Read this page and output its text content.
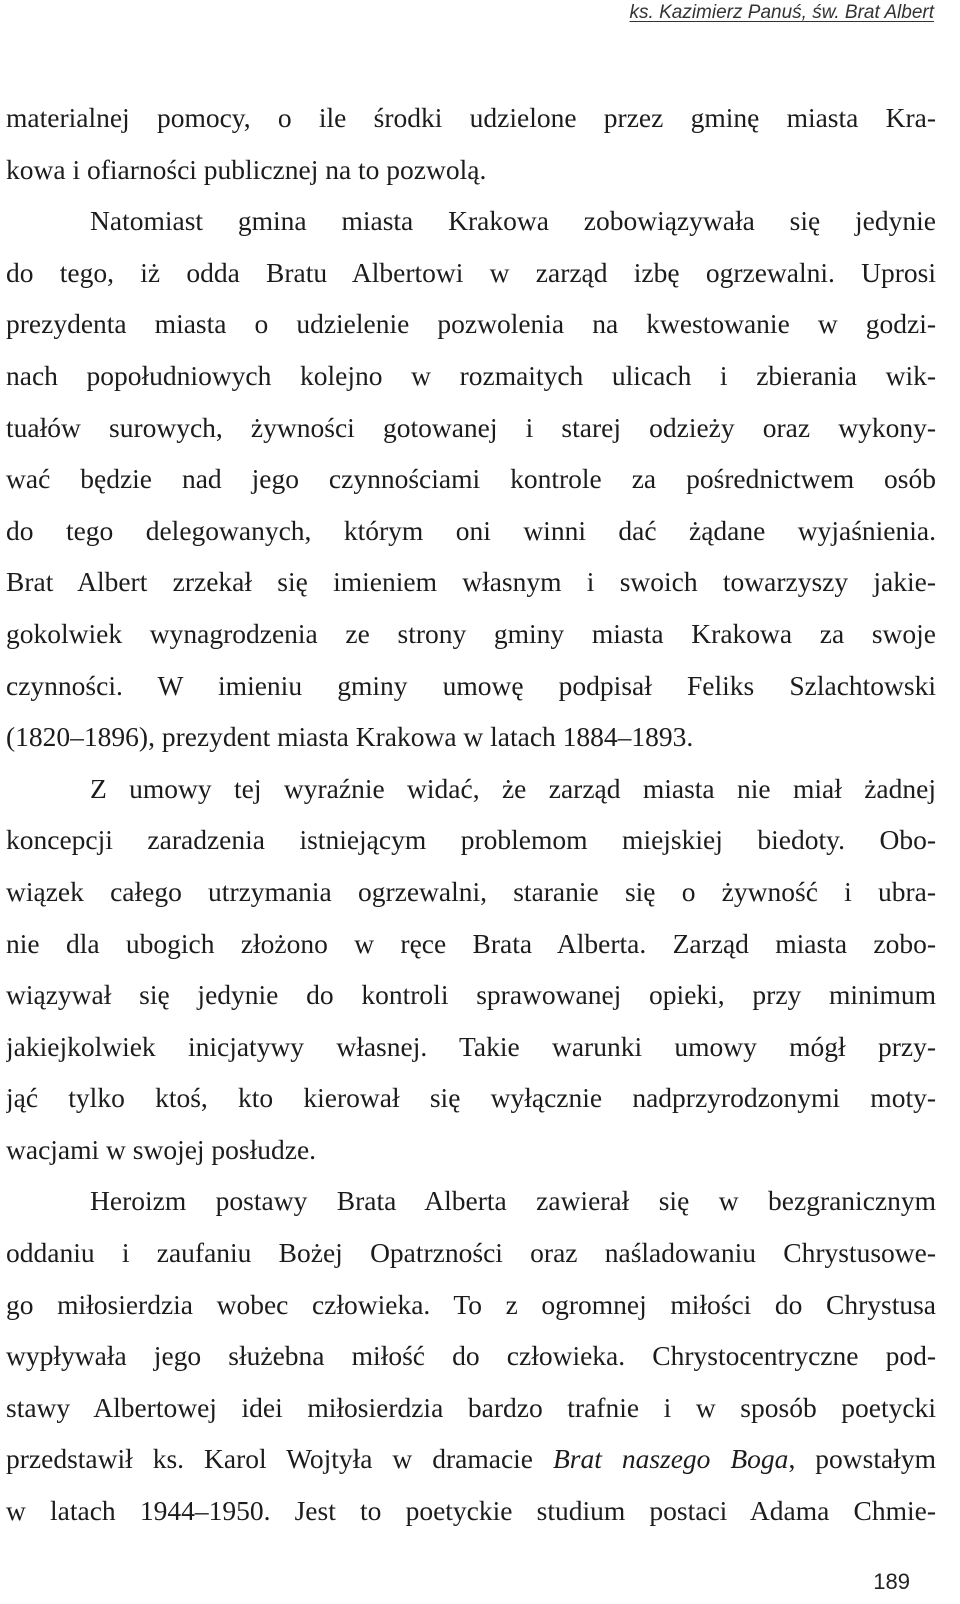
ks. Kazimierz Panuś, św. Brat Albert
materialnej pomocy, o ile środki udzielone przez gminę miasta Kra-
kowa i ofiarności publicznej na to pozwolą.
Natomiast gmina miasta Krakowa zobowiązywała się jedynie
do tego, iż odda Bratu Albertowi w zarząd izbę ogrzewalni. Uprosi
prezydenta miasta o udzielenie pozwolenia na kwestowanie w godzi-
nach popołudniowych kolejno w rozmaitych ulicach i zbierania wik-
tuałów surowych, żywności gotowanej i starej odzieży oraz wykony-
wać będzie nad jego czynnościami kontrole za pośrednictwem osób
do tego delegowanych, którym oni winni dać żądane wyjaśnienia.
Brat Albert zrzekał się imieniem własnym i swoich towarzyszy jakie-
gokolwiek wynagrodzenia ze strony gminy miasta Krakowa za swoje
czynności. W imieniu gminy umowę podpisał Feliks Szlachtowski
(1820–1896), prezydent miasta Krakowa w latach 1884–1893.
Z umowy tej wyraźnie widać, że zarząd miasta nie miał żadnej
koncepcji zaradzenia istniejącym problemom miejskiej biedoty. Obo-
wiązek całego utrzymania ogrzewalni, staranie się o żywność i ubra-
nie dla ubogich złożono w ręce Brata Alberta. Zarząd miasta zobo-
wiązywał się jedynie do kontroli sprawowanej opieki, przy minimum
jakiejkolwiek inicjatywy własnej. Takie warunki umowy mógł przy-
jąć tylko ktoś, kto kierował się wyłącznie nadprzyrodzonymi moty-
wacjami w swojej posłudze.
Heroizm postawy Brata Alberta zawierał się w bezgranicznym
oddaniu i zaufaniu Bożej Opatrzności oraz naśladowaniu Chrystusowe-
go miłosierdzia wobec człowieka. To z ogromnej miłości do Chrystusa
wypływała jego służebna miłość do człowieka. Chrystocentryczne pod-
stawy Albertowej idei miłosierdzia bardzo trafnie i w sposób poetycki
przedstawił ks. Karol Wojtyła w dramacie Brat naszego Boga, powstałym
w latach 1944–1950. Jest to poetyckie studium postaci Adama Chmie-
189
